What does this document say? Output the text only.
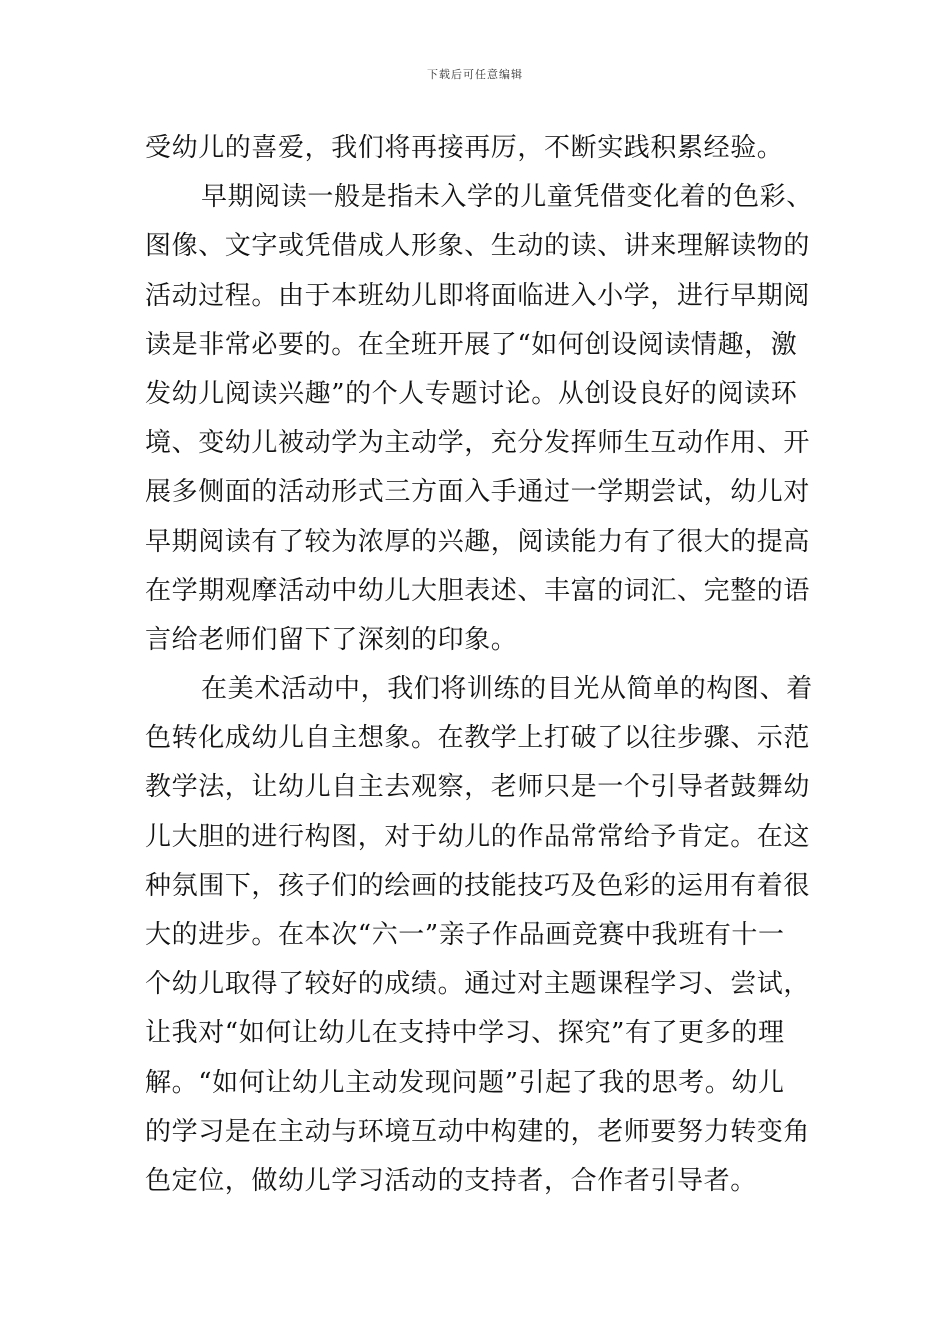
下载后可任意编辑
受幼儿的喜爱，我们将再接再厉，不断实践积累经验。
早期阅读一般是指未入学的儿童凭借变化着的色彩、
图像、文字或凭借成人形象、生动的读、讲来理解读物的
活动过程。由于本班幼儿即将面临进入小学，进行早期阅
读是非常必要的。在全班开展了“如何创设阅读情趣，激
发幼儿阅读兴趣”的个人专题讨论。从创设良好的阅读环
境、变幼儿被动学为主动学，充分发挥师生互动作用、开
展多侧面的活动形式三方面入手通过一学期尝试，幼儿对
早期阅读有了较为浓厚的兴趣，阅读能力有了很大的提高
在学期观摩活动中幼儿大胆表述、丰富的词汇、完整的语
言给老师们留下了深刻的印象。
在美术活动中，我们将训练的目光从简单的构图、着
色转化成幼儿自主想象。在教学上打破了以往步骤、示范
教学法，让幼儿自主去观察，老师只是一个引导者鼓舞幼
儿大胆的进行构图，对于幼儿的作品常常给予肯定。在这
种氛围下，孩子们的绘画的技能技巧及色彩的运用有着很
大的进步。在本次“六一”亲子作品画竞赛中我班有十一
个幼儿取得了较好的成绩。通过对主题课程学习、尝试，
让我对“如何让幼儿在支持中学习、探究”有了更多的理
解。“如何让幼儿主动发现问题”引起了我的思考。幼儿
的学习是在主动与环境互动中构建的，老师要努力转变角
色定位，做幼儿学习活动的支持者，合作者引导者。
